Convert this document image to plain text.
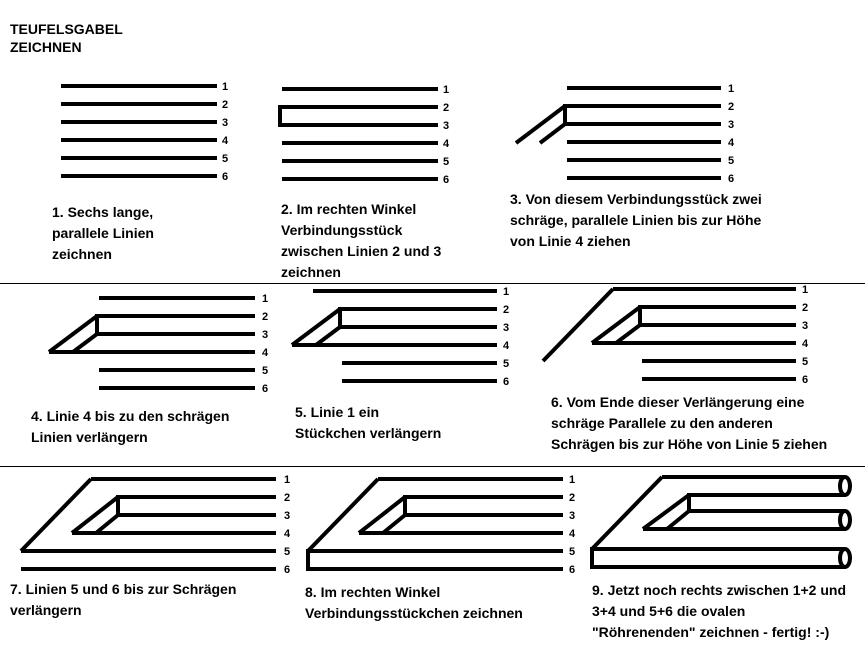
TEUFELSGABEL
ZEICHNEN
1
2
3
4
5
6
1. Sechs lange,
parallele Linien
zeichnen
1
2
3
4
5
6
2. Im rechten Winkel
Verbindungsstück
zwischen Linien 2 und 3
zeichnen
1
2
3
4
5
6
3. Von diesem Verbindungsstück zwei
schräge, parallele Linien bis zur Höhe
von Linie 4 ziehen
1
2
3
4
5
6
4. Linie 4 bis zu den schrägen
Linien verlängern
1
2
3
4
5
6
5. Linie 1 ein
Stückchen verlängern
1
2
3
4
5
6
6. Vom Ende dieser Verlängerung eine
schräge Parallele zu den anderen
Schrägen bis zur Höhe von Linie 5 ziehen
1
2
3
4
5
6
7. Linien 5 und 6 bis zur Schrägen
verlängern
1
2
3
4
5
6
8. Im rechten Winkel
Verbindungsstückchen zeichnen
9. Jetzt noch rechts zwischen 1+2 und
3+4 und 5+6 die ovalen
"Röhrenenden" zeichnen - fertig! :-)
